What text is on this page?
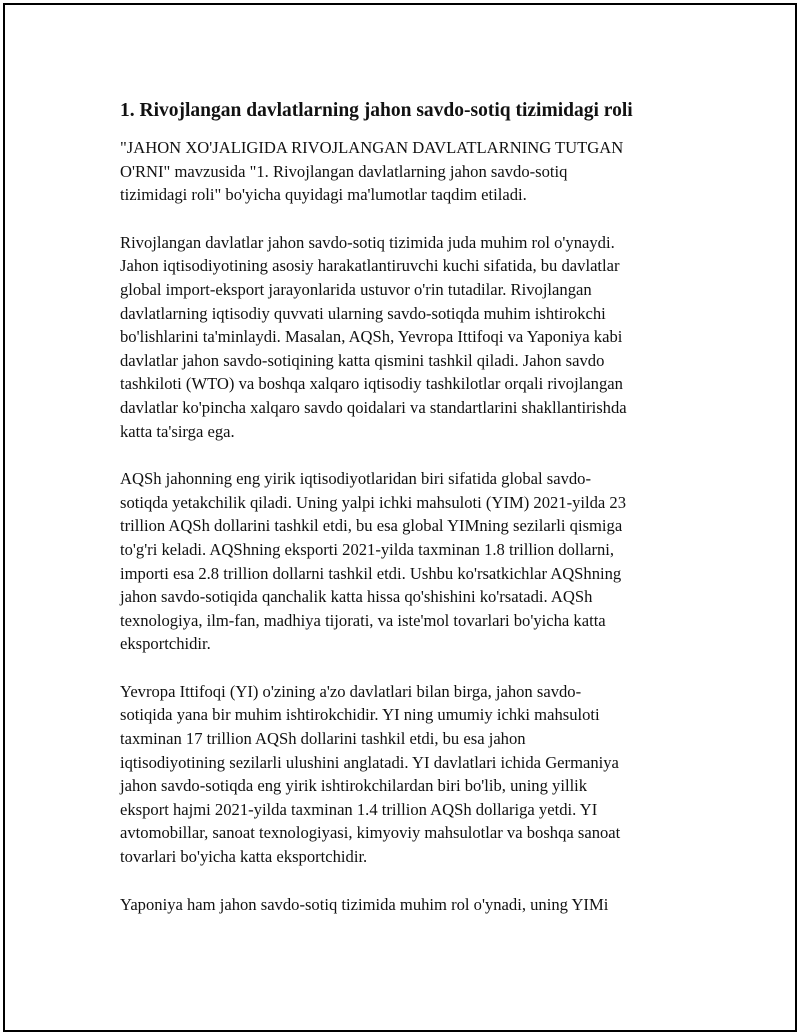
1. Rivojlangan davlatlarning jahon savdo-sotiq tizimidagi roli

"JAHON XO'JALIGIDA RIVOJLANGAN DAVLATLARNING TUTGAN
O'RNI" mavzusida "1. Rivojlangan davlatlarning jahon savdo-sotiq
tizimidagi roli" bo'yicha quyidagi ma'lumotlar taqdim etiladi.

Rivojlangan davlatlar jahon savdo-sotiq tizimida juda muhim rol o'ynaydi.
Jahon iqtisodiyotining asosiy harakatlantiruvchi kuchi sifatida, bu davlatlar
global import-eksport jarayonlarida ustuvor o'rin tutadilar. Rivojlangan
davlatlarning iqtisodiy quvvati ularning savdo-sotiqda muhim ishtirokchi
bo'lishlarini ta'minlaydi. Masalan, AQSh, Yevropa Ittifoqi va Yaponiya kabi
davlatlar jahon savdo-sotiqining katta qismini tashkil qiladi. Jahon savdo
tashkiloti (WTO) va boshqa xalqaro iqtisodiy tashkilotlar orqali rivojlangan
davlatlar ko'pincha xalqaro savdo qoidalari va standartlarini shakllantirishda
katta ta'sirga ega.

AQSh jahonning eng yirik iqtisodiyotlaridan biri sifatida global savdo-
sotiqda yetakchilik qiladi. Uning yalpi ichki mahsuloti (YIM) 2021-yilda 23
trillion AQSh dollarini tashkil etdi, bu esa global YIMning sezilarli qismiga
to'g'ri keladi. AQShning eksporti 2021-yilda taxminan 1.8 trillion dollarni,
importi esa 2.8 trillion dollarni tashkil etdi. Ushbu ko'rsatkichlar AQShning
jahon savdo-sotiqida qanchalik katta hissa qo'shishini ko'rsatadi. AQSh
texnologiya, ilm-fan, madhiya tijorati, va iste'mol tovarlari bo'yicha katta
eksportchidir.

Yevropa Ittifoqi (YI) o'zining a'zo davlatlari bilan birga, jahon savdo-
sotiqida yana bir muhim ishtirokchidir. YI ning umumiy ichki mahsuloti
taxminan 17 trillion AQSh dollarini tashkil etdi, bu esa jahon
iqtisodiyotining sezilarli ulushini anglatadi. YI davlatlari ichida Germaniya
jahon savdo-sotiqda eng yirik ishtirokchilardan biri bo'lib, uning yillik
eksport hajmi 2021-yilda taxminan 1.4 trillion AQSh dollariga yetdi. YI
avtomobillar, sanoat texnologiyasi, kimyoviy mahsulotlar va boshqa sanoat
tovarlari bo'yicha katta eksportchidir.

Yaponiya ham jahon savdo-sotiq tizimida muhim rol o'ynadi, uning YIMi
